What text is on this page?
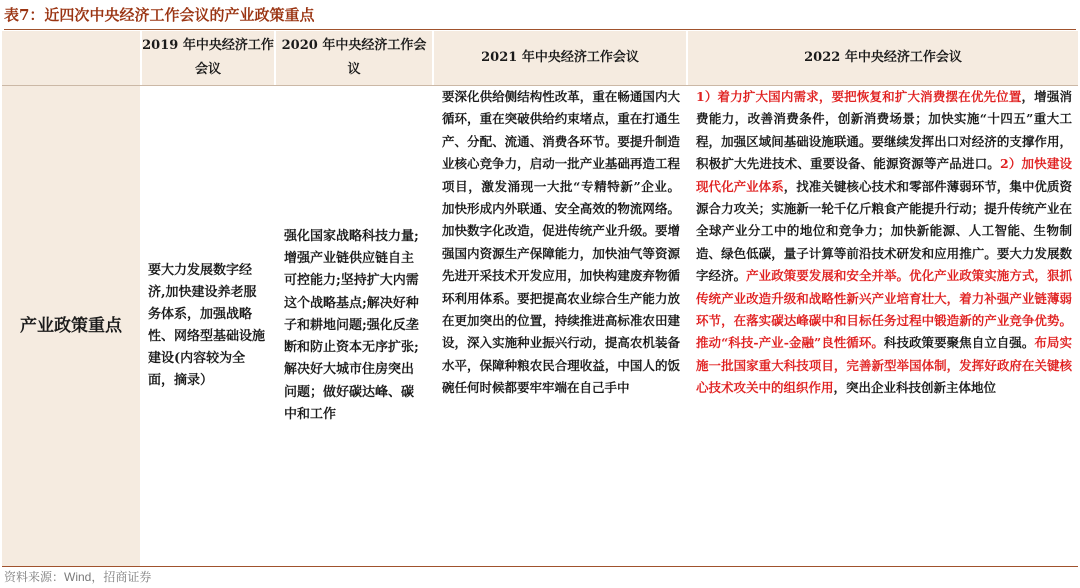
表7：近四次中央经济工作会议的产业政策重点
2019 年中央经济工作会议
2020 年中央经济工作会议
2021 年中央经济工作会议	2022 年中央经济工作会议
产业政策重点
要大力发展数字经济,加快建设养老服务体系，加强战略性、网络型基础设施建设(内容较为全面，摘录）
强化国家战略科技力量;增强产业链供应链自主可控能力;坚持扩大内需这个战略基点;解决好种子和耕地问题;强化反垄断和防止资本无序扩张;解决好大城市住房突出问题；做好碳达峰、碳中和工作
要深化供给侧结构性改革，重在畅通国内大循环，重在突破供给约束堵点，重在打通生产、分配、流通、消费各环节。要提升制造业核心竞争力，启动一批产业基础再造工程项目，激发涌现一大批“专精特新”企业。加快形成内外联通、安全高效的物流网络。加快数字化改造，促进传统产业升级。要增强国内资源生产保障能力，加快油气等资源先进开采技术开发应用，加快构建废弃物循环利用体系。要把提高农业综合生产能力放在更加突出的位置，持续推进高标准农田建设，深入实施种业振兴行动，提高农机装备水平，保障种粮农民合理收益，中国人的饭碗任何时候都要牢牢端在自己手中
1）着力扩大国内需求，要把恢复和扩大消费摆在优先位置，增强消费能力，改善消费条件，创新消费场景；加快实施“十四五”重大工程，加强区域间基础设施联通。要继续发挥出口对经济的支撑作用，积极扩大先进技术、重要设备、能源资源等产品进口。2）加快建设现代化产业体系，找准关键核心技术和零部件薄弱环节，集中优质资源合力攻关；实施新一轮千亿斤粮食产能提升行动；提升传统产业在全球产业分工中的地位和竞争力；加快新能源、人工智能、生物制造、绿色低碳，量子计算等前沿技术研发和应用推广。要大力发展数字经济。产业政策要发展和安全并举。优化产业政策实施方式，狠抓传统产业改造升级和战略性新兴产业培育壮大，着力补强产业链薄弱环节，在落实碳达峰碳中和目标任务过程中锻造新的产业竞争优势。推动“科技-产业-金融”良性循环。科技政策要聚焦自立自强。布局实施一批国家重大科技项目，完善新型举国体制，发挥好政府在关键核心技术攻关中的组织作用，突出企业科技创新主体地位
资料来源：Wind，招商证券
